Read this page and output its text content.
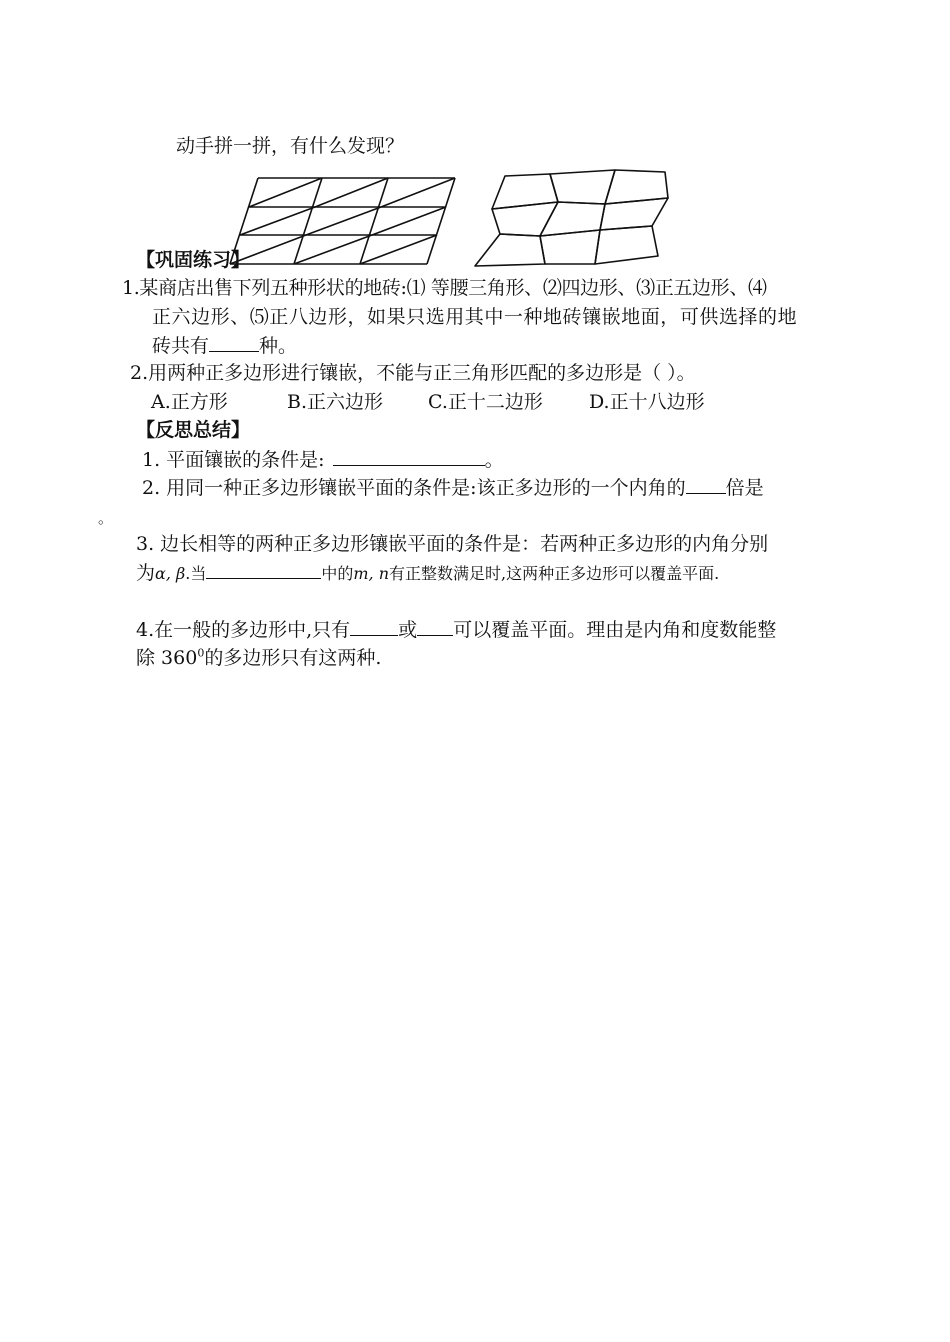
动手拼一拼，有什么发现？
【巩固练习】
1.某商店出售下列五种形状的地砖:⑴ 等腰三角形、⑵四边形、⑶正五边形、⑷
正六边形、⑸正八边形，如果只选用其中一种地砖镶嵌地面，可供选择的地
砖共有	种。
2.用两种正多边形进行镶嵌，不能与正三角形匹配的多边形是（ ）。
A.正方形	B.正六边形 C.正十二边形 D.正十八边形
【反思总结】
1. 平面镶嵌的条件是:	。
2. 用同一种正多边形镶嵌平面的条件是:该正多边形的一个内角的 倍是
。
3. 边长相等的两种正多边形镶嵌平面的条件是：若两种正多边形的内角分别
为α, β.当	中的m, n有正整数满足时,这两种正多边形可以覆盖平面.
4.在一般的多边形中,只有	或 可以覆盖平面。理由是内角和度数能整
除 $360^0$的多边形只有这两种.
